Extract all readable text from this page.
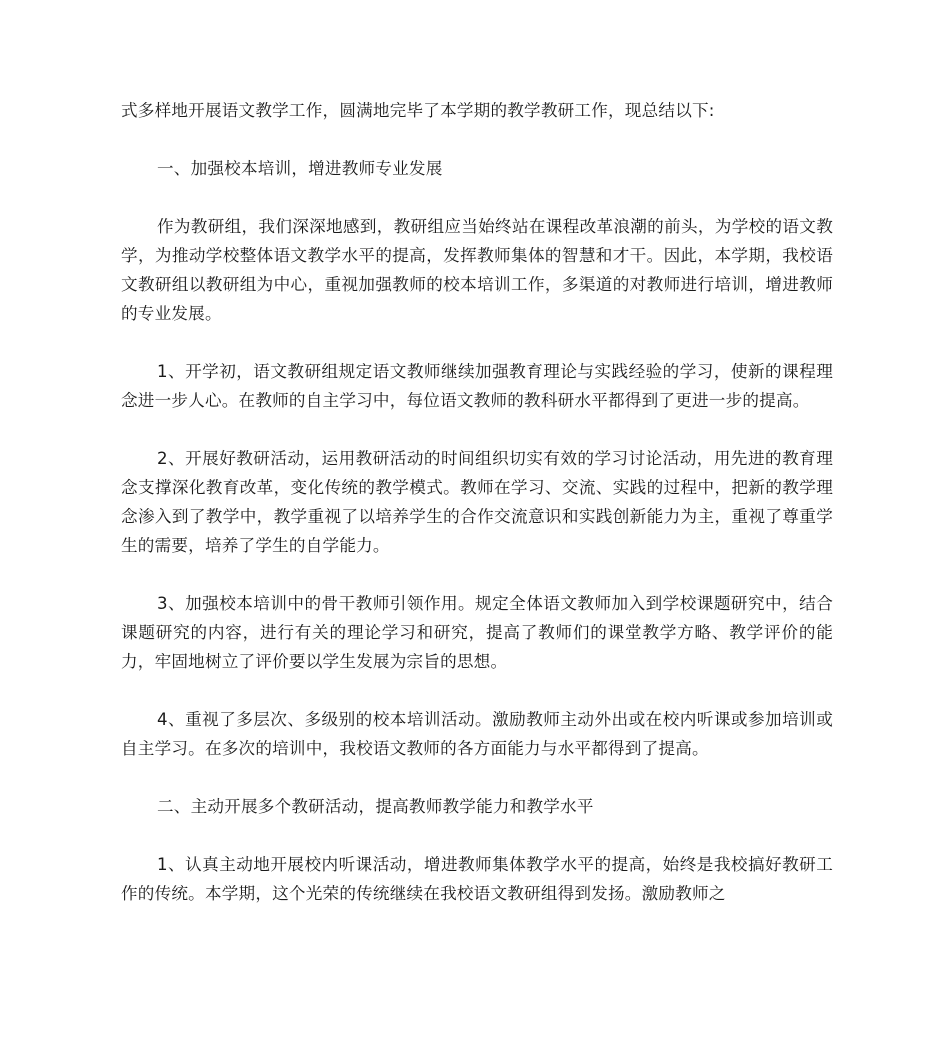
式多样地开展语文教学工作，圆满地完毕了本学期的教学教研工作，现总结以下:

一、加强校本培训，增进教师专业发展

作为教研组，我们深深地感到，教研组应当始终站在课程改革浪潮的前头，为学校的语文教学，为推动学校整体语文教学水平的提高，发挥教师集体的智慧和才干。因此，本学期，我校语文教研组以教研组为中心，重视加强教师的校本培训工作，多渠道的对教师进行培训，增进教师的专业发展。

1、开学初，语文教研组规定语文教师继续加强教育理论与实践经验的学习，使新的课程理念进一步人心。在教师的自主学习中，每位语文教师的教科研水平都得到了更进一步的提高。

2、开展好教研活动，运用教研活动的时间组织切实有效的学习讨论活动，用先进的教育理念支撑深化教育改革，变化传统的教学模式。教师在学习、交流、实践的过程中，把新的教学理念渗入到了教学中，教学重视了以培养学生的合作交流意识和实践创新能力为主，重视了尊重学生的需要，培养了学生的自学能力。

3、加强校本培训中的骨干教师引领作用。规定全体语文教师加入到学校课题研究中，结合课题研究的内容，进行有关的理论学习和研究，提高了教师们的课堂教学方略、教学评价的能力，牢固地树立了评价要以学生发展为宗旨的思想。

4、重视了多层次、多级别的校本培训活动。激励教师主动外出或在校内听课或参加培训或自主学习。在多次的培训中，我校语文教师的各方面能力与水平都得到了提高。

二、主动开展多个教研活动，提高教师教学能力和教学水平

1、认真主动地开展校内听课活动，增进教师集体教学水平的提高，始终是我校搞好教研工作的传统。本学期，这个光荣的传统继续在我校语文教研组得到发扬。激励教师之
